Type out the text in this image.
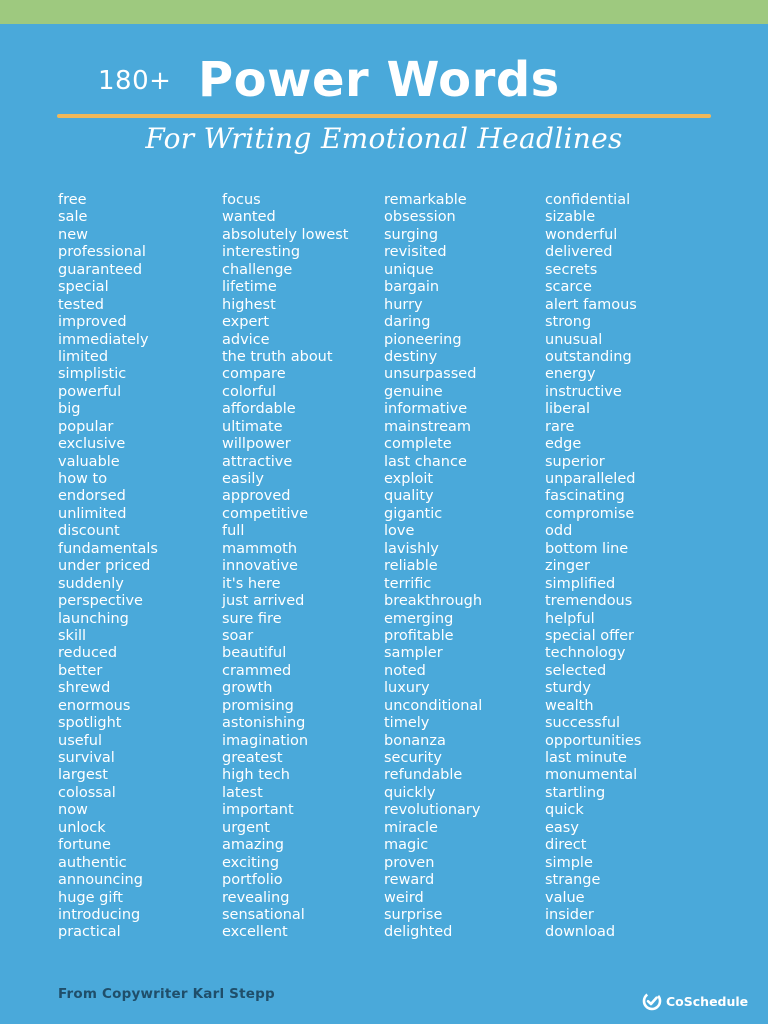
180+ Power Words
For Writing Emotional Headlines
free
sale
new
professional
guaranteed
special
tested
improved
immediately
limited
simplistic
powerful
big
popular
exclusive
valuable
how to
endorsed
unlimited
discount
fundamentals
under priced
suddenly
perspective
launching
skill
reduced
better
shrewd
enormous
spotlight
useful
survival
largest
colossal
now
unlock
fortune
authentic
announcing
huge gift
introducing
practical
focus
wanted
absolutely lowest
interesting
challenge
lifetime
highest
expert
advice
the truth about
compare
colorful
affordable
ultimate
willpower
attractive
easily
approved
competitive
full
mammoth
innovative
it's here
just arrived
sure fire
soar
beautiful
crammed
growth
promising
astonishing
imagination
greatest
high tech
latest
important
urgent
amazing
exciting
portfolio
revealing
sensational
excellent
remarkable
obsession
surging
revisited
unique
bargain
hurry
daring
pioneering
destiny
unsurpassed
genuine
informative
mainstream
complete
last chance
exploit
quality
gigantic
love
lavishly
reliable
terrific
breakthrough
emerging
profitable
sampler
noted
luxury
unconditional
timely
bonanza
security
refundable
quickly
revolutionary
miracle
magic
proven
reward
weird
surprise
delighted
confidential
sizable
wonderful
delivered
secrets
scarce
alert famous
strong
unusual
outstanding
energy
instructive
liberal
rare
edge
superior
unparalleled
fascinating
compromise
odd
bottom line
zinger
simplified
tremendous
helpful
special offer
technology
selected
sturdy
wealth
successful
opportunities
last minute
monumental
startling
quick
easy
direct
simple
strange
value
insider
download
From Copywriter Karl Stepp	CoSchedule
